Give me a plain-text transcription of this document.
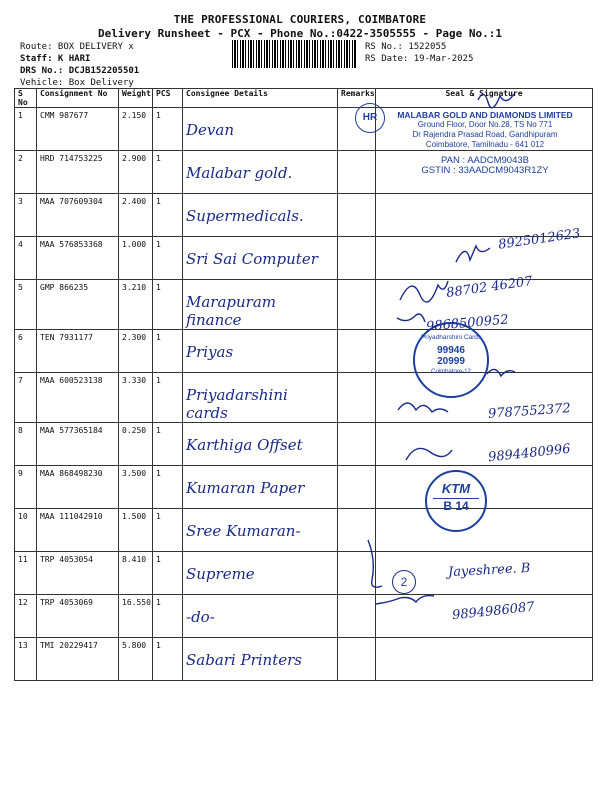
THE PROFESSIONAL COURIERS, COIMBATORE
Delivery Runsheet - PCX - Phone No.:0422-3505555 - Page No.:1
Route: BOX DELIVERY x
Staff: K HARI
DRS No.: DCJB152205501
Vehicle: Box Delivery
RS No.: 1522055
RS Date: 19-Mar-2025
S No	Consignment No	Weight	PCS	Consignee Details	Remarks	Seal & Signature
1	CMM 987677	2.150	1	Devan		

2	HRD 714753225	2.900	1	Malabar gold.		

3	MAA 707609304	2.400	1	Supermedicals.		

4	MAA 576853368	1.000	1	Sri Sai Computer		

5	GMP 866235	3.210	1	Marapuram finance		

6	TEN 7931177	2.300	1	Priyas		

7	MAA 600523138	3.330	1	Priyadarshini cards		

8	MAA 577365184	0.250	1	Karthiga Offset		

9	MAA 868498230	3.500	1	Kumaran Paper		

10	MAA 111042910	1.500	1	Sree Kumaran-		

11	TRP 4053054	8.410	1	Supreme		

12	TRP 4053069	16.550	1	-do-		

13	TMI 20229417	5.800	1	Sabari Printers		

HR	MALABAR GOLD AND DIAMONDS LIMITED
Ground Floor, Door No.28, TS No 771
Dr Rajendra Prasad Road, Gandhipuram
Coimbatore, Tamilnadu - 641 012
PAN : AADCM9043B
GSTIN : 33AADCM9043R1ZY
Priyadharshini Cards
99946
20999
Coimbatore-12
KTM
B 14
2
8925012623
88702 46207
9868500952
9787552372
9894480996
Jayeshree. B
9894986087
